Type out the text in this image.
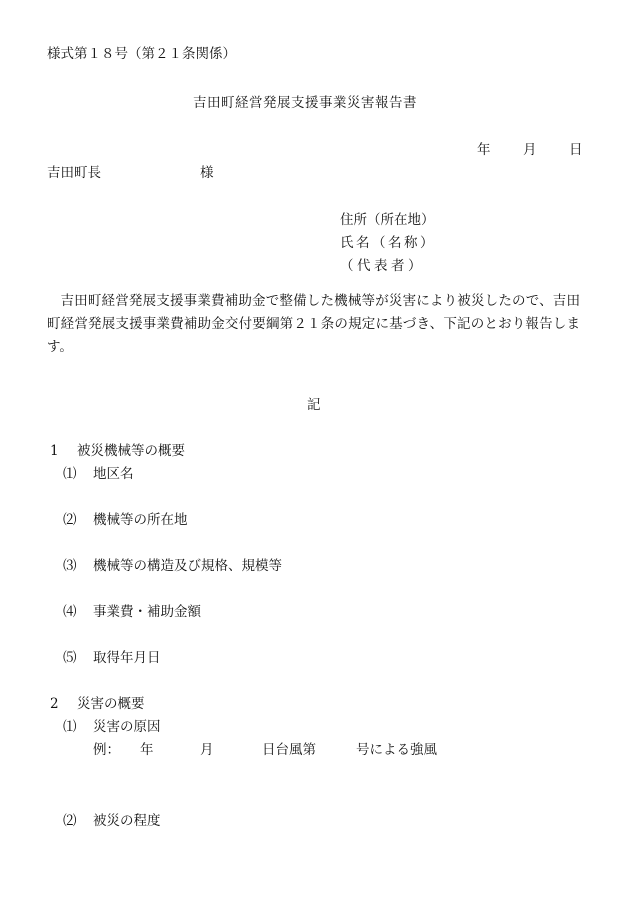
様式第１８号（第２１条関係）
吉田町経営発展支援事業災害報告書
年 月 日
吉田町長	様
住所（所在地）
氏名（名称）
（代表者）
吉田町経営発展支援事業費補助金で整備した機械等が災害により被災したので、吉田町経営発展支援事業費補助金交付要綱第２１条の規定に基づき、下記のとおり報告します。
記
1 被災機械等の概要
⑴ 地区名
⑵ 機械等の所在地
⑶ 機械等の構造及び規格、規模等
⑷ 事業費・補助金額
⑸ 取得年月日
2 災害の概要
⑴ 災害の原因
例： 年	月	日台風第	号による強風
⑵ 被災の程度
